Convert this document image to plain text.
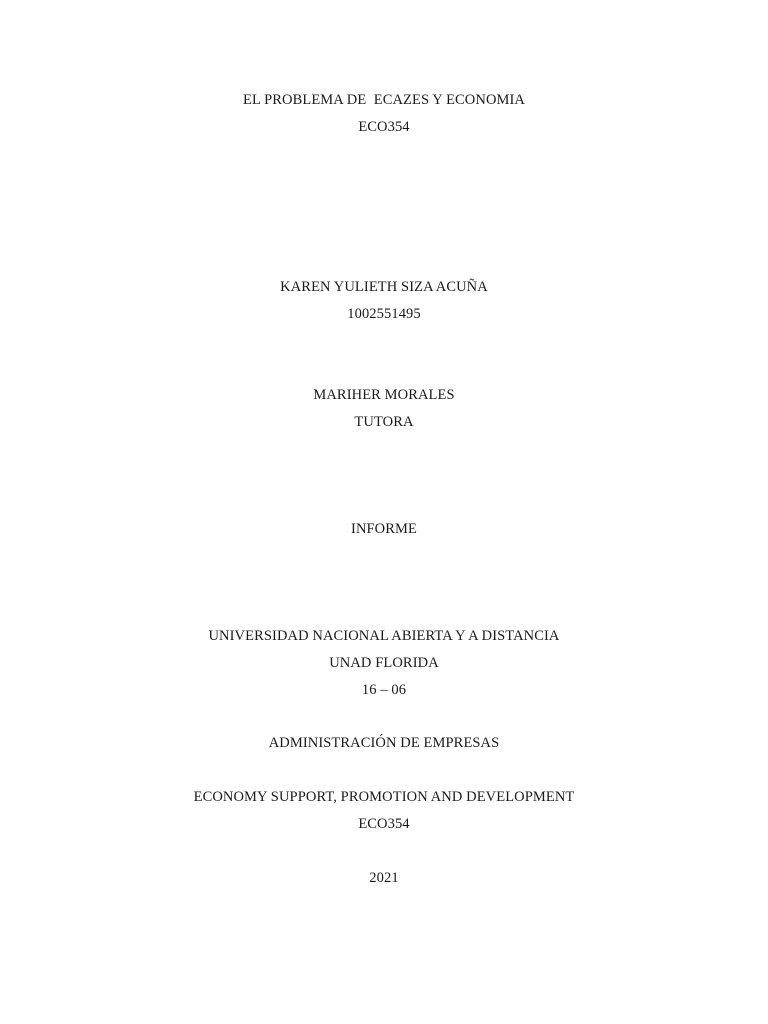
EL PROBLEMA DE  ECAZES Y ECONOMIA
ECO354
KAREN YULIETH SIZA ACUÑA
1002551495
MARIHER MORALES
TUTORA
INFORME
UNIVERSIDAD NACIONAL ABIERTA Y A DISTANCIA
UNAD FLORIDA
16 – 06
ADMINISTRACIÓN DE EMPRESAS
ECONOMY SUPPORT, PROMOTION AND DEVELOPMENT
ECO354
2021
